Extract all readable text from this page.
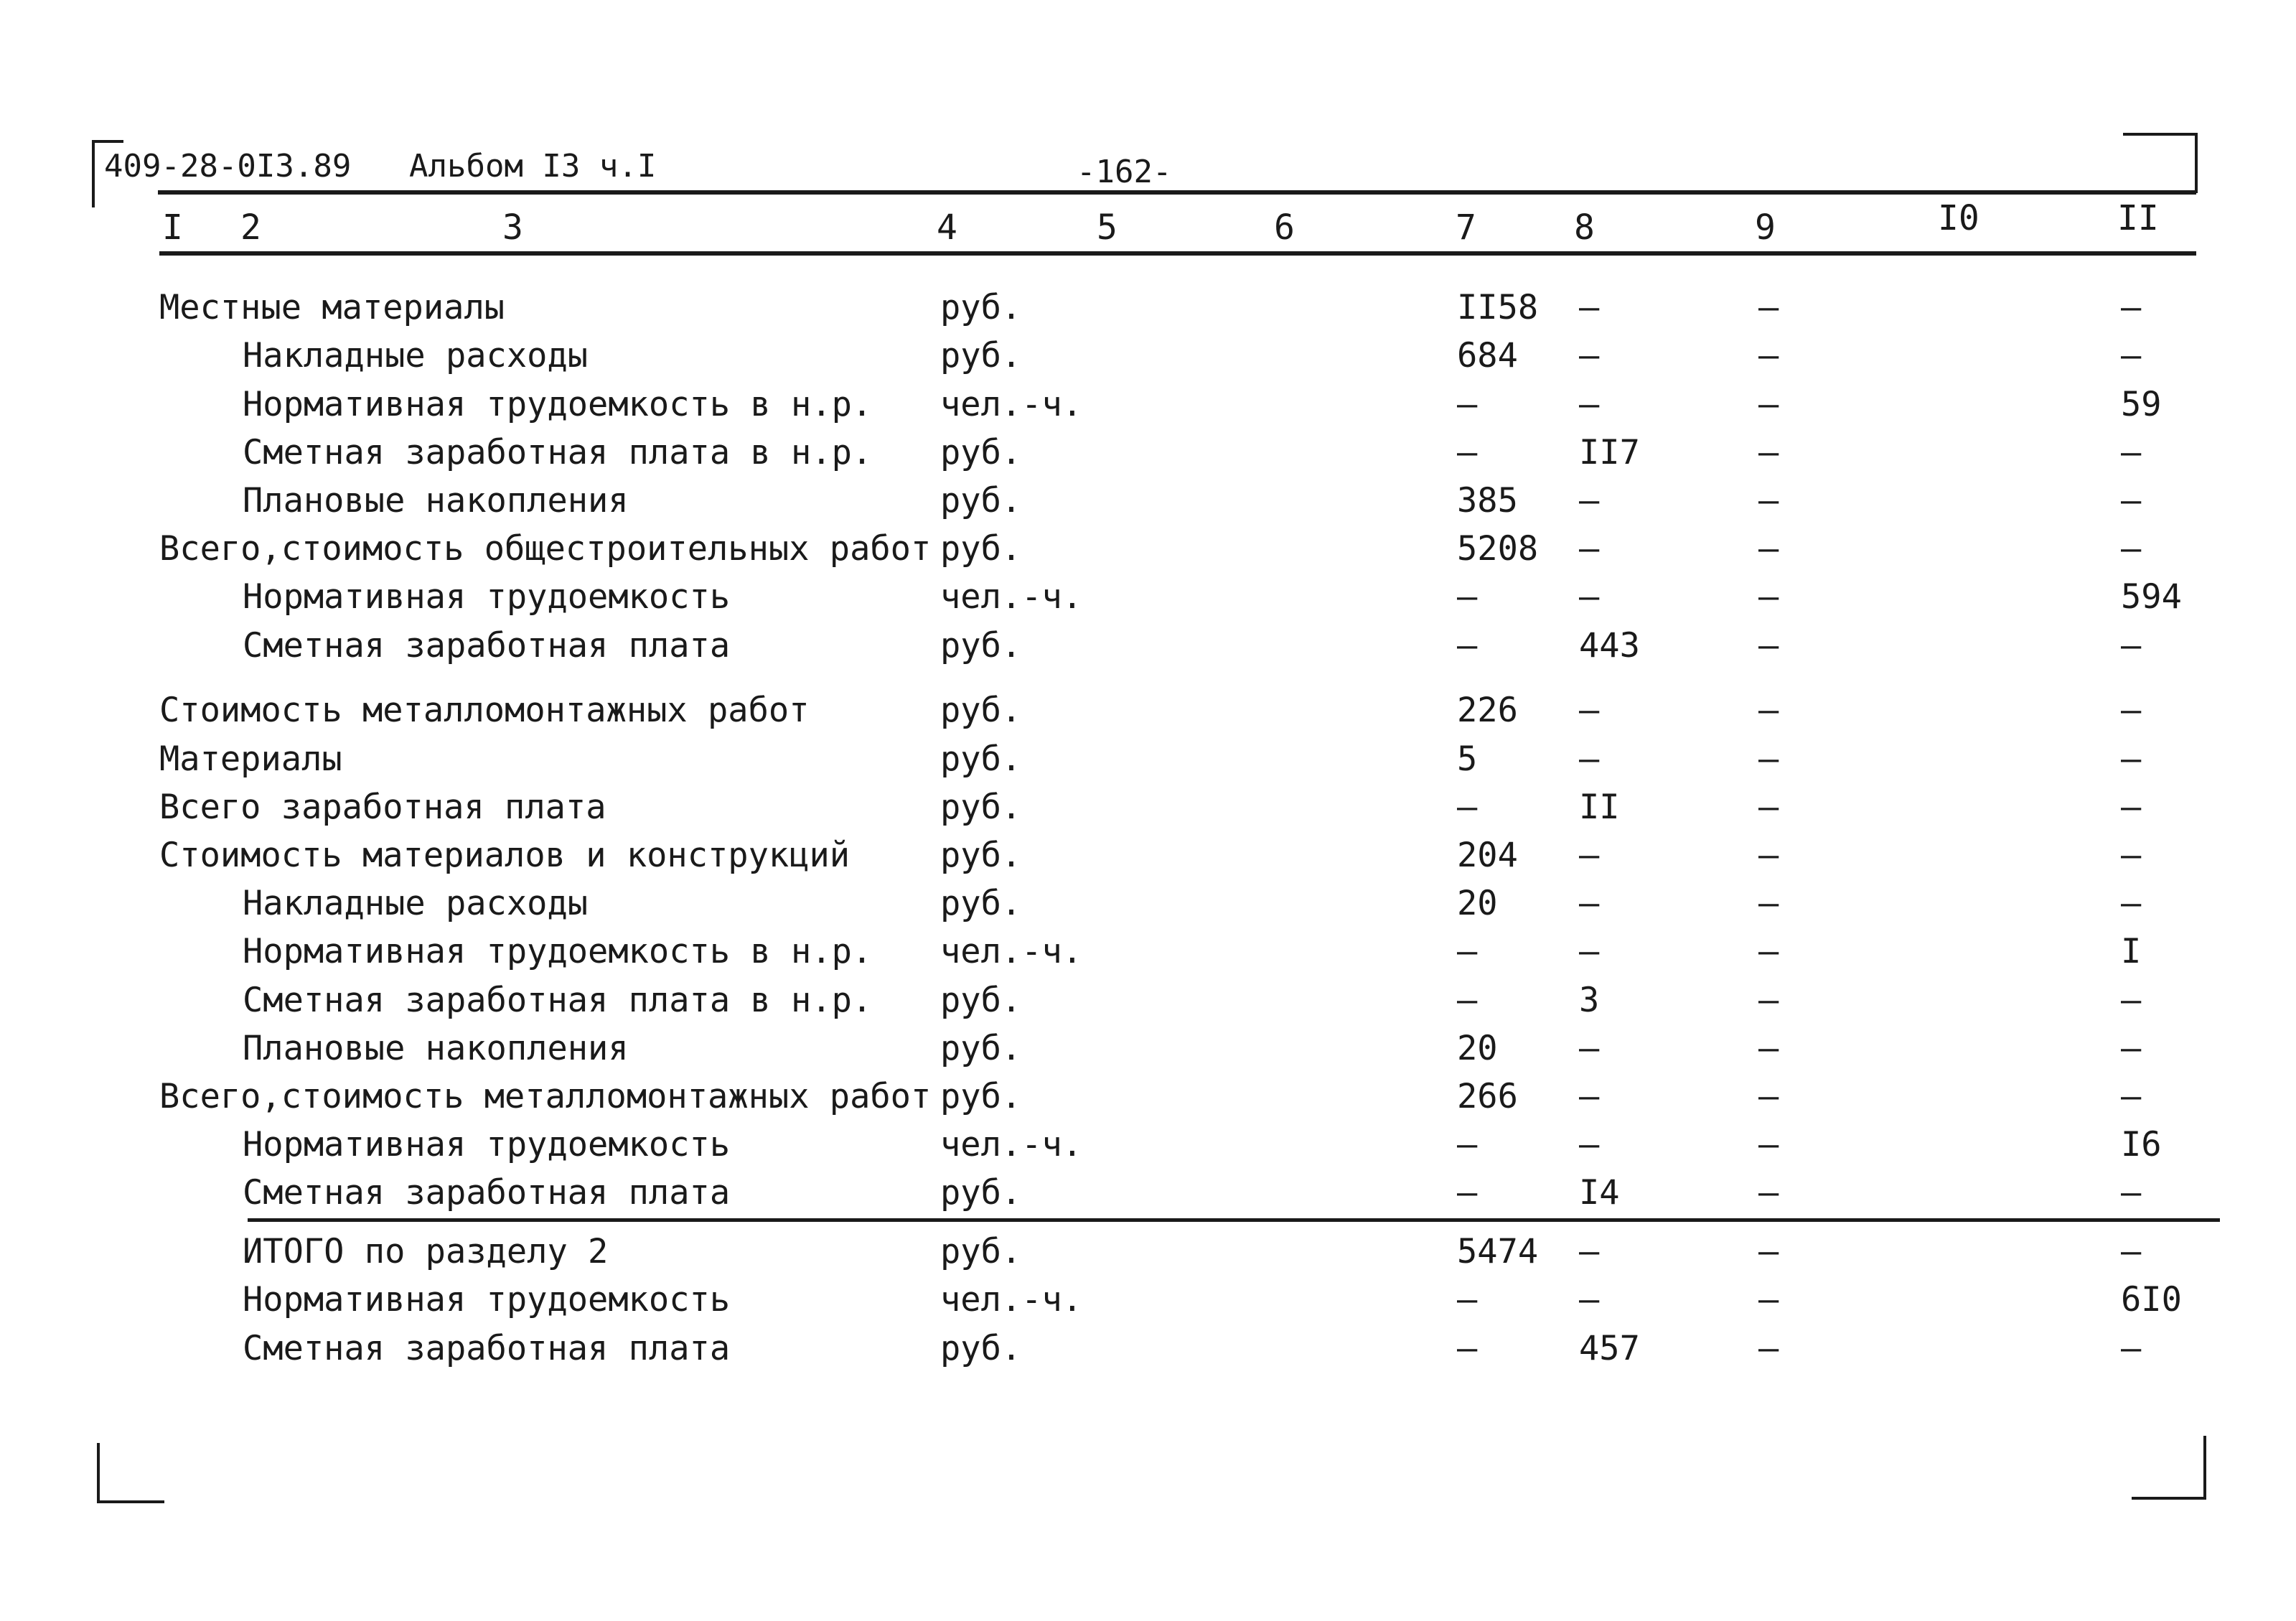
409-28-0I3.89 Альбом I3 ч.I	-162-
I 2	3	4	5	6	7	8	9	I0	II
Местные материалы	руб.	II58 –	–	–
Накладные расходы	руб.	684 –	–	–
Нормативная трудоемкость в н.р. чел.-ч.	–	–	–	59
Сметная заработная плата в н.р. руб.	–	II7	–	–
Плановые накопления	руб.	385 –	–	–
Всего,стоимость общестроительных работ руб.	5208 –	–	–
Нормативная трудоемкость	чел.-ч.	–	–	–	594
Сметная заработная плата	руб.	–	443	–	–
Стоимость металломонтажных работ	руб.	226 –	–	–
Материалы	руб.	5	–	–	–
Всего заработная плата	руб.	–	II	–	–
Стоимость материалов и конструкций	руб.	204 –	–	–
Накладные расходы	руб.	20 –	–	–
Нормативная трудоемкость в н.р. чел.-ч.	–	–	–	I
Сметная заработная плата в н.р. руб.	–	3	–	–
Плановые накопления	руб.	20 –	–	–
Всего,стоимость металломонтажных работ руб.	266 –	–	–
Нормативная трудоемкость	чел.-ч.	–	–	—	I6
Сметная заработная плата	руб.	–	I4	–	–
ИТОГО по разделу 2	руб.	5474 –	–	–
Нормативная трудоемкость	чел.-ч.	–	–	–	6I0
Сметная заработная плата	руб.	–	457	–	–
